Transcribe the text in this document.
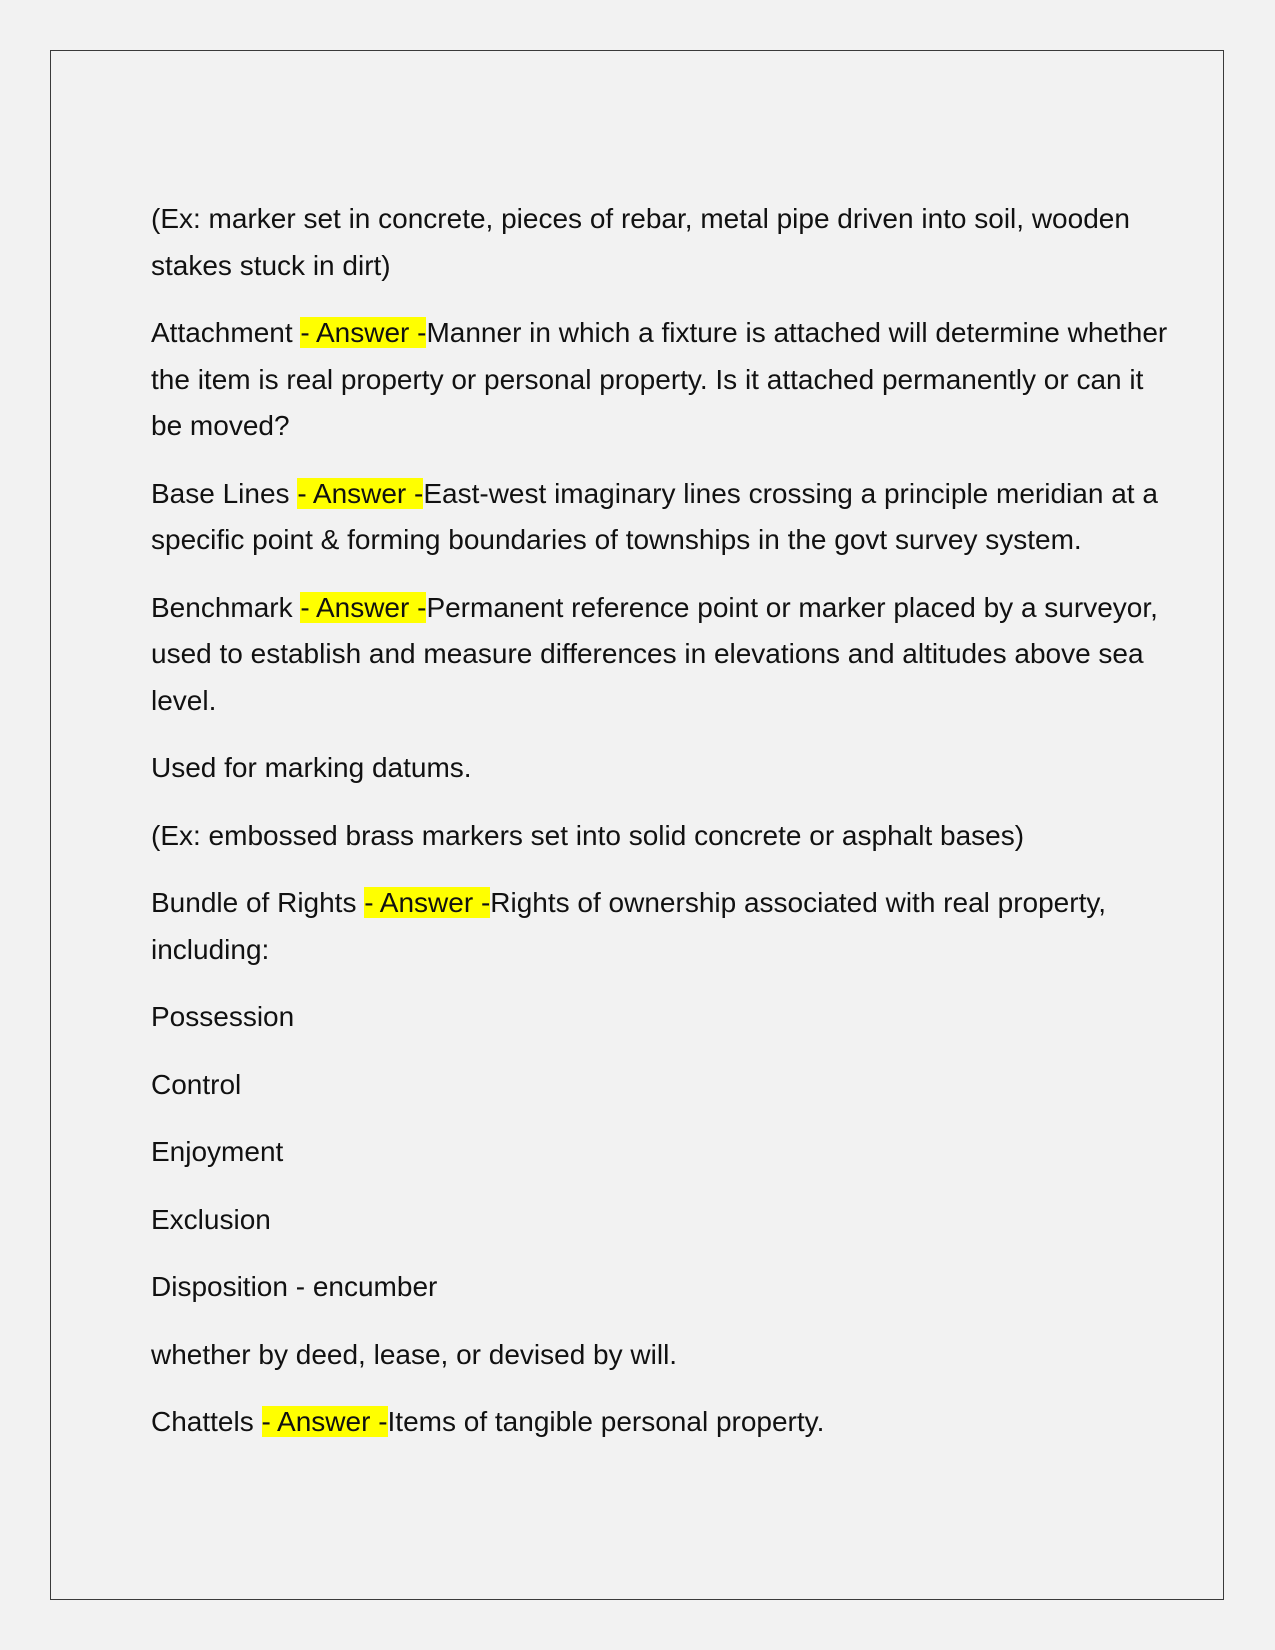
(Ex: marker set in concrete, pieces of rebar, metal pipe driven into soil, wooden stakes stuck in dirt)

Attachment - Answer -Manner in which a fixture is attached will determine whether the item is real property or personal property. Is it attached permanently or can it be moved?

Base Lines - Answer -East-west imaginary lines crossing a principle meridian at a specific point & forming boundaries of townships in the govt survey system.

Benchmark - Answer -Permanent reference point or marker placed by a surveyor, used to establish and measure differences in elevations and altitudes above sea level.

Used for marking datums.

(Ex: embossed brass markers set into solid concrete or asphalt bases)

Bundle of Rights - Answer -Rights of ownership associated with real property, including:

Possession

Control

Enjoyment

Exclusion

Disposition - encumber

whether by deed, lease, or devised by will.

Chattels - Answer -Items of tangible personal property.
